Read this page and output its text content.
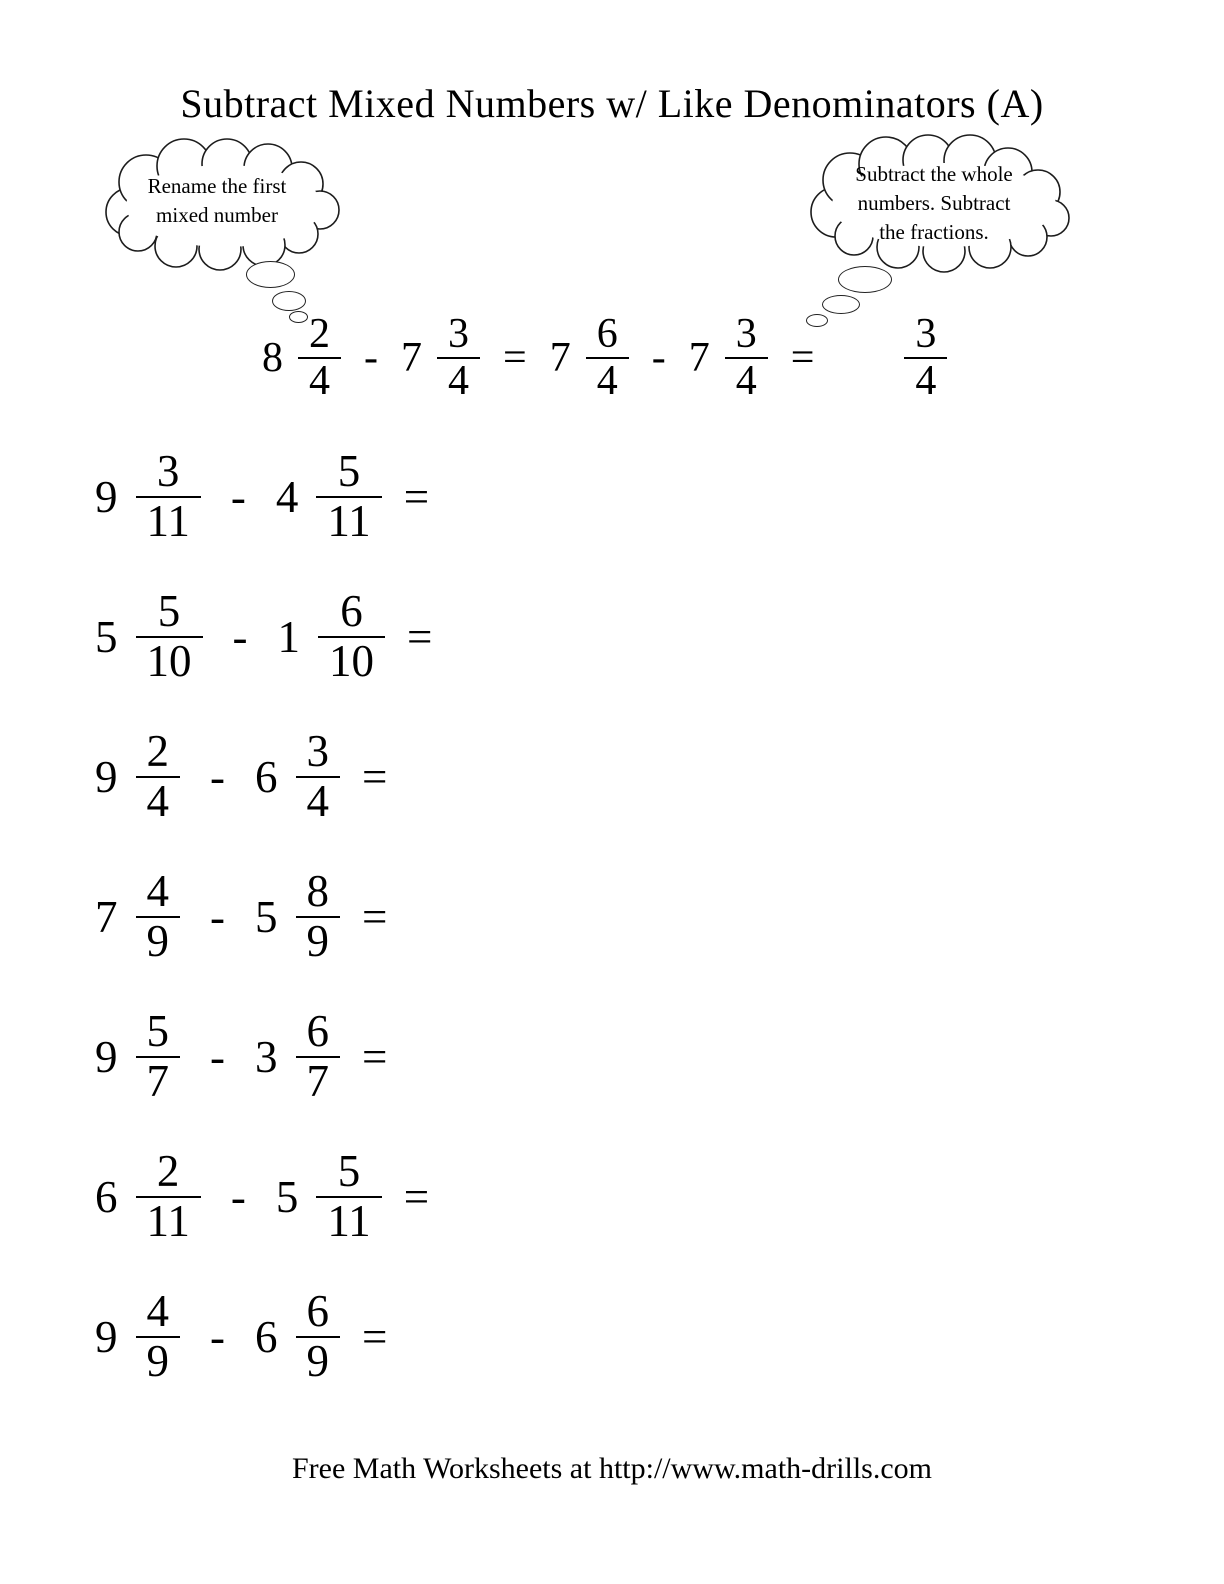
Subtract Mixed Numbers w/ Like Denominators (A)
Rename the first
mixed number
Subtract the whole
numbers. Subtract
the fractions.
$8 \frac{2}{4} - 7 \frac{3}{4} = 7 \frac{6}{4} - 7 \frac{3}{4} = \frac{3}{4}$
$9 \frac{3}{11} - 4 \frac{5}{11}$ =
$5 \frac{5}{10} - 1 \frac{6}{10}$ =
$9 \frac{2}{4} - 6 \frac{3}{4}$ =
$7 \frac{4}{9} - 5 \frac{8}{9}$ =
$9 \frac{5}{7} - 3 \frac{6}{7}$ =
$6 \frac{2}{11} - 5 \frac{5}{11}$ =
$9 \frac{4}{9} - 6 \frac{6}{9}$ =
Free Math Worksheets at http://www.math-drills.com
